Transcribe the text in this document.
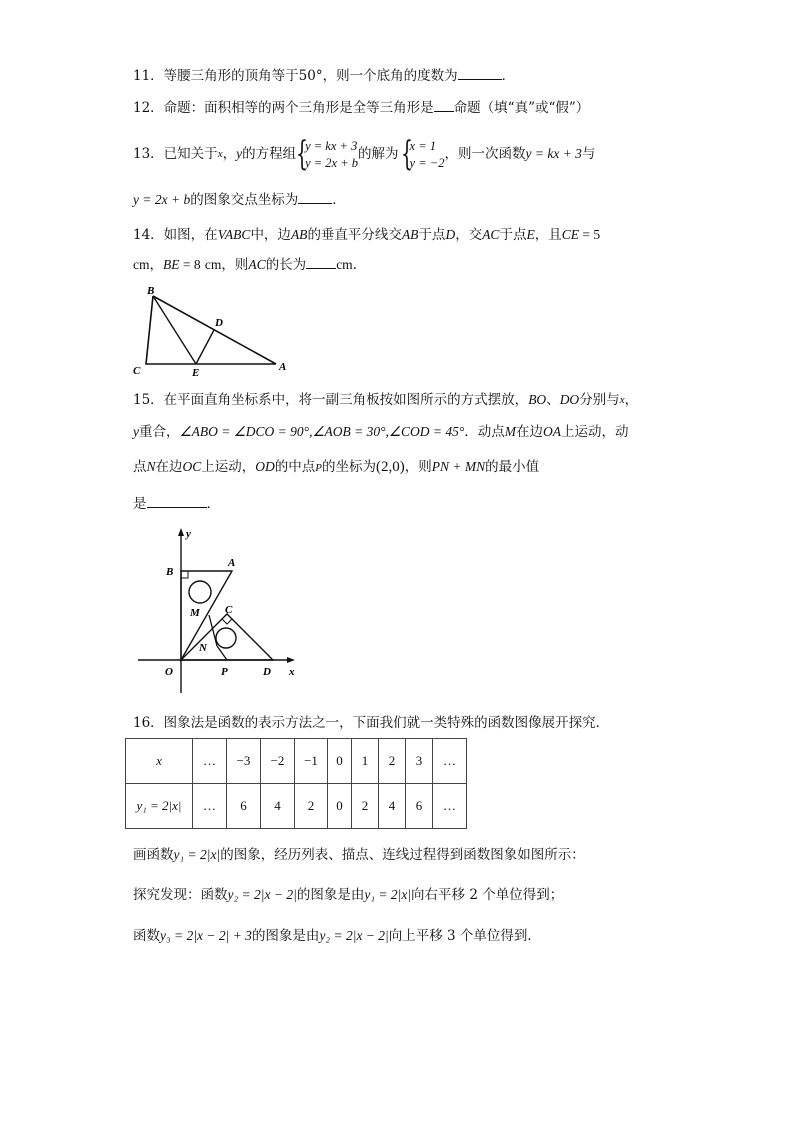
11．等腰三角形的顶角等于50°，则一个底角的度数为	．
12．命题：面积相等的两个三角形是全等三角形是 命题（填“真”或“假”）
13．已知关于$^x$，y的方程组 {
y = kx + 3
y = 2x + b
的解为 {
x = 1
y = −2
，则一次函数y = kx + 3与
y = 2x + b的图象交点坐标为	．
14．如图，在VABC中，边AB的垂直平分线交AB于点D，交AC于点E，且CE = 5
cm，BE = 8 cm，则AC的长为 cm．
B
C
D
E	A
15．在平面直角坐标系中，将一副三角板按如图所示的方式摆放，BO、DO分别与$^x$，
y重合，∠ABO = ∠DCO = 90°,∠AOB = 30°,∠COD = 45°．动点M在边OA上运动，动
点N在边OC上运动，OD的中点P的坐标为(2,0)，则PN + MN的最小值
是	．
y
B
A
M C
N
O	P	D x
16．图象法是函数的表示方法之一，下面我们就一类特殊的函数图像展开探究．
x	…	−3	−2	−1	0	1	2	3	…
y₁ = 2|x|	…	6	4	2	0	2	4	6	…
画函数y₁ = 2|x|的图象，经历列表、描点、连线过程得到函数图象如图所示：
探究发现：函数y₂ = 2|x − 2|的图象是由y₁ = 2|x|向右平移 2 个单位得到；
函数y₃ = 2|x − 2| + 3的图象是由y₂ = 2|x − 2|向上平移 3 个单位得到．
